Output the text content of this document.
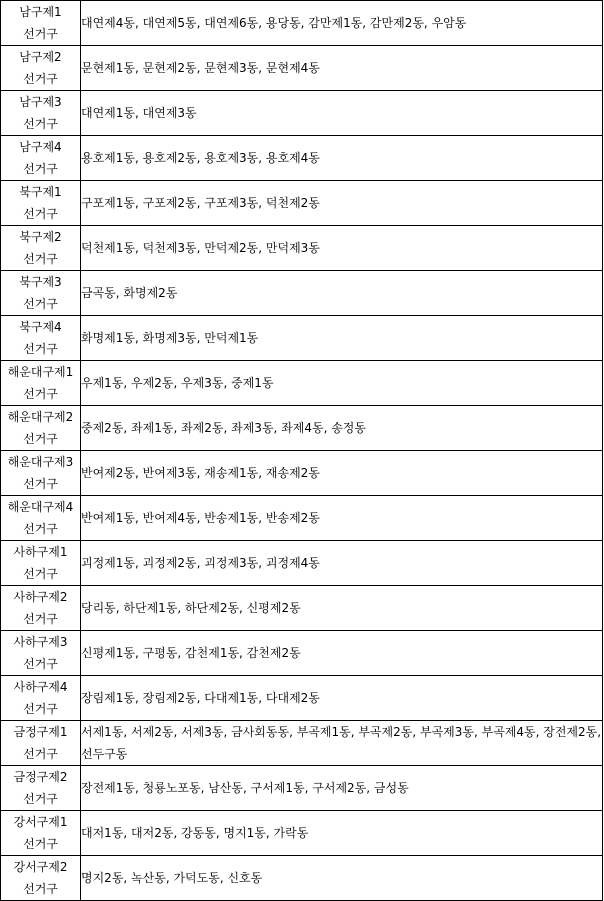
남구제1
선거구	대연제4동, 대연제5동, 대연제6동, 용당동, 감만제1동, 감만제2동, 우암동

남구제2
선거구	문현제1동, 문현제2동, 문현제3동, 문현제4동

남구제3
선거구	대연제1동, 대연제3동

남구제4
선거구	용호제1동, 용호제2동, 용호제3동, 용호제4동

북구제1
선거구	구포제1동, 구포제2동, 구포제3동, 덕천제2동

북구제2
선거구	덕천제1동, 덕천제3동, 만덕제2동, 만덕제3동

북구제3
선거구	금곡동, 화명제2동

북구제4
선거구	화명제1동, 화명제3동, 만덕제1동

해운대구제1
선거구	우제1동, 우제2동, 우제3동, 중제1동

해운대구제2
선거구	중제2동, 좌제1동, 좌제2동, 좌제3동, 좌제4동, 송정동

해운대구제3
선거구	반여제2동, 반여제3동, 재송제1동, 재송제2동

해운대구제4
선거구	반여제1동, 반여제4동, 반송제1동, 반송제2동

사하구제1
선거구	괴정제1동, 괴정제2동, 괴정제3동, 괴정제4동

사하구제2
선거구	당리동, 하단제1동, 하단제2동, 신평제2동

사하구제3
선거구	신평제1동, 구평동, 감천제1동, 감천제2동

사하구제4
선거구	장림제1동, 장림제2동, 다대제1동, 다대제2동

금정구제1
선거구	서제1동, 서제2동, 서제3동, 금사회동동, 부곡제1동, 부곡제2동, 부곡제3동, 부곡제4동, 장전제2동, 선두구동

금정구제2
선거구	장전제1동, 청룡노포동, 남산동, 구서제1동, 구서제2동, 금성동

강서구제1
선거구	대저1동, 대저2동, 강동동, 명지1동, 가락동

강서구제2
선거구	명지2동, 녹산동, 가덕도동, 신호동
